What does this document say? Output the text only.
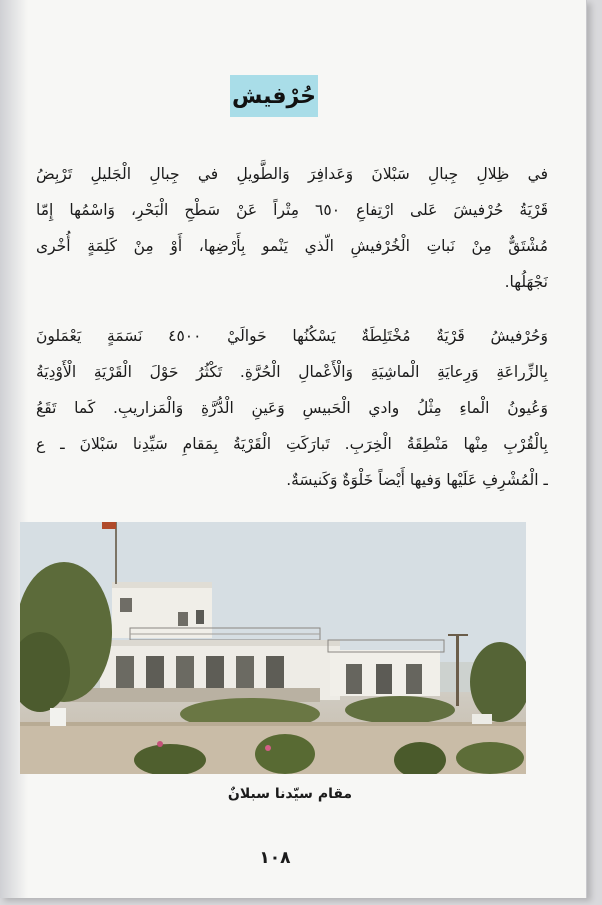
حُرْفيش
في ظِلالِ جِبالِ سَبْلانَ وَعَدافِرَ وَالطَّويلِ في جِبالِ الْجَليلِ تَرْبِضُ
قَرْيَةُ حُرْفيشَ عَلى ارْتِفاعِ ٦٥٠ مِتْراً عَنْ سَطْحِ الْبَحْرِ، وَاسْمُها إِمّا
مُشْتَقٌّ مِنْ نَباتِ الْخُرْفيشِ الّذي يَنْمو بِأَرْضِها، أَوْ مِنْ كَلِمَةٍ أُخْرى
نَجْهَلُها.
وَحُرْفيشُ قَرْيَةٌ مُخْتَلِطَةٌ يَسْكُنُها حَوالَيْ ٤٥٠٠ نَسَمَةٍ يَعْمَلونَ
بِالزِّراعَةِ وَرِعايَةِ الْماشِيَةِ وَالْأَعْمالِ الْحُرَّةِ. تَكْثُرُ حَوْلَ الْقَرْيَةِ الْأَوْدِيَةُ
وَعُيونُ الْماءِ مِثْلُ وادي الْحَبيسِ وَعَينِ الْدُّرَّةِ وَالْمَزاريبِ. كَما تَقَعُ
بِالْقُرْبِ مِنْها مَنْطِقَةُ الْخِرَبِ. تَبارَكَتِ الْقَرْيَةُ بِمَقامِ سَيِّدِنا سَبْلانَ ـ ع
ـ الْمُشْرِفِ عَلَيْها وَفيها أَيْضاً خَلْوَةٌ وَكَنيسَةٌ.
مقام سيّدنا سبلانٌ
١٠٨
